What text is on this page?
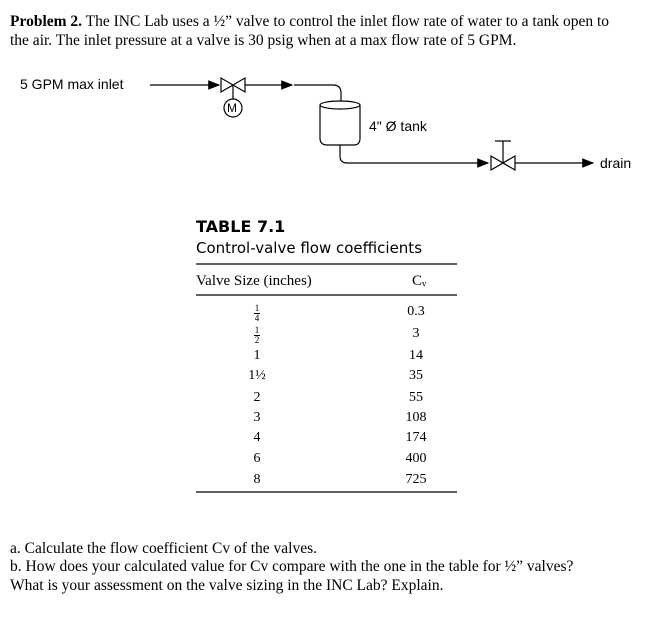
Problem 2. The INC Lab uses a ½” valve to control the inlet flow rate of water to a tank open to
the air. The inlet pressure at a valve is 30 psig when at a max flow rate of 5 GPM.
5 GPM max inlet
M
4" Ø tank
drain
TABLE 7.1
Control-valve flow coefficients
Valve Size (inches)	Cᵥ
$\frac{1}{4}$	0.3
$\frac{1}{2}$	3
1	14
1½	35
2	55
3	108
4	174
6	400
8	725
a. Calculate the flow coefficient Cv of the valves.
b. How does your calculated value for Cv compare with the one in the table for ½” valves?
What is your assessment on the valve sizing in the INC Lab? Explain.
